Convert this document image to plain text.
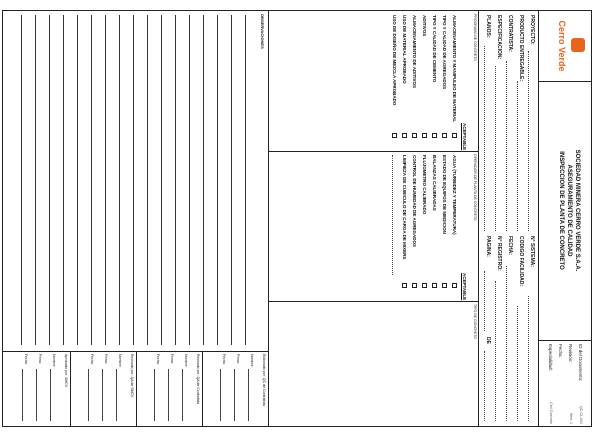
Cerro Verde
SOCIEDAD MINERA CERRO VERDE S.A.A.
ASEGURAMIENTO DE CALIDAD
INSPECCION DE PLANTA DE CONCRETO
ID del Documento:
QC-CL-001
Revisión:
Item: 1
Fecha:
Especialidad:
Civil Concreto
PROYECTO:
PRODUCTO ENTREGABLE:
CONTRATISTA:
ESPECIFICACION:
PLANOS:
N° SISTEMA:
CODIGO FACILIDAD:
FECHA:
N° REGISTRO:
PAGINA:
DE
PROGRAMA DE CONCRETO
ACEPTABLE
ALMACENAMIENTO Y MANIPULEO DE MATERIAL
TIPO Y CALIDAD DE AGREGADOS
TIPO Y CALIDAD DE CEMENTO
ADITIVOS
ALMACENAMIENTO DE ADITIVOS
USO DE MATERIAL APROBADO
USO DE DISEÑO DE MEZCLA APROBADO
OPERADOR DE PLANTA DE CONCRETO
ACEPTABLE
AGUA (TURBIDEZ Y TEMPERATURA)
ESTADO DE EQUIPOS DE MEDICION
BALANZAS CALIBRADAS
FLUJOMETRO CALIBRADO
CONTROL DE HUMEDAD DE AGREGADOS
LIMPIEZA DE CUBICULO DE CARGA DE MIXERS
TIPO DE CONCRETO
OBSERVACIONES
Elaborado por: QC de Contratista
Nombre:
Firma:
Fecha:
Revisado por: QA de Contratista
Nombre:
Firma:
Fecha:
Revisado por: QA de SMCV
Nombre:
Firma:
Fecha:
Aprobado por: SMCV
Nombre:
Firma:
Fecha:
